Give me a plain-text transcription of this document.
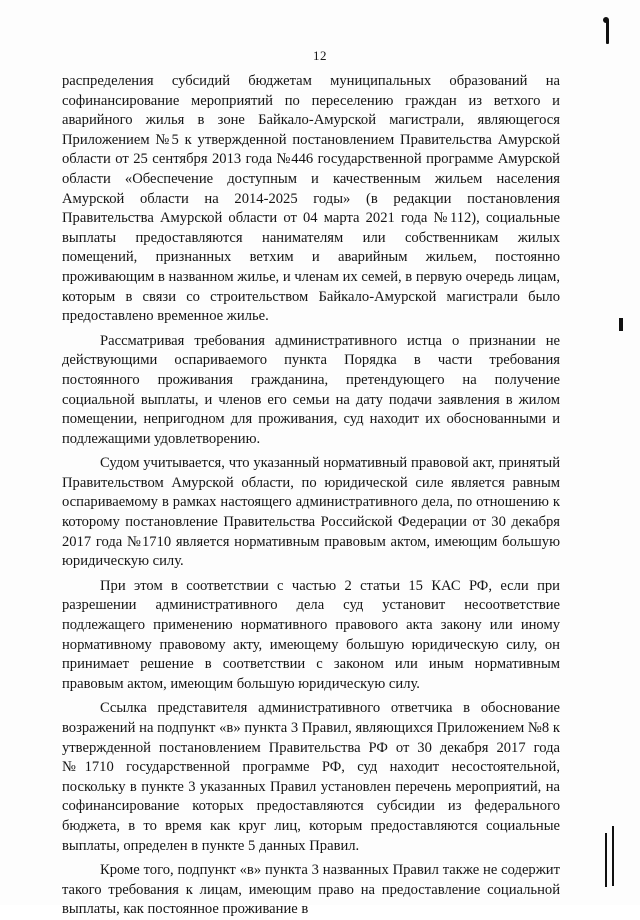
12

распределения субсидий бюджетам муниципальных образований на софинансирование мероприятий по переселению граждан из ветхого и аварийного жилья в зоне Байкало-Амурской магистрали, являющегося Приложением №5 к утвержденной постановлением Правительства Амурской области от 25 сентября 2013 года №446 государственной программе Амурской области «Обеспечение доступным и качественным жильем населения Амурской области на 2014-2025 годы» (в редакции постановления Правительства Амурской области от 04 марта 2021 года №112), социальные выплаты предоставляются нанимателям или собственникам жилых помещений, признанных ветхим и аварийным жильем, постоянно проживающим в названном жилье, и членам их семей, в первую очередь лицам, которым в связи со строительством Байкало-Амурской магистрали было предоставлено временное жилье.

Рассматривая требования административного истца о признании не действующими оспариваемого пункта Порядка в части требования постоянного проживания гражданина, претендующего на получение социальной выплаты, и членов его семьи на дату подачи заявления в жилом помещении, непригодном для проживания, суд находит их обоснованными и подлежащими удовлетворению.

Судом учитывается, что указанный нормативный правовой акт, принятый Правительством Амурской области, по юридической силе является равным оспариваемому в рамках настоящего административного дела, по отношению к которому постановление Правительства Российской Федерации от 30 декабря 2017 года №1710 является нормативным правовым актом, имеющим большую юридическую силу.

При этом в соответствии с частью 2 статьи 15 КАС РФ, если при разрешении административного дела суд установит несоответствие подлежащего применению нормативного правового акта закону или иному нормативному правовому акту, имеющему большую юридическую силу, он принимает решение в соответствии с законом или иным нормативным правовым актом, имеющим большую юридическую силу.

Ссылка представителя административного ответчика в обоснование возражений на подпункт «в» пункта 3 Правил, являющихся Приложением №8 к утвержденной постановлением Правительства РФ от 30 декабря 2017 года №1710 государственной программе РФ, суд находит несостоятельной, поскольку в пункте 3 указанных Правил установлен перечень мероприятий, на софинансирование которых предоставляются субсидии из федерального бюджета, в то время как круг лиц, которым предоставляются социальные выплаты, определен в пункте 5 данных Правил.

Кроме того, подпункт «в» пункта 3 названных Правил также не содержит такого требования к лицам, имеющим право на предоставление социальной выплаты, как постоянное проживание в
